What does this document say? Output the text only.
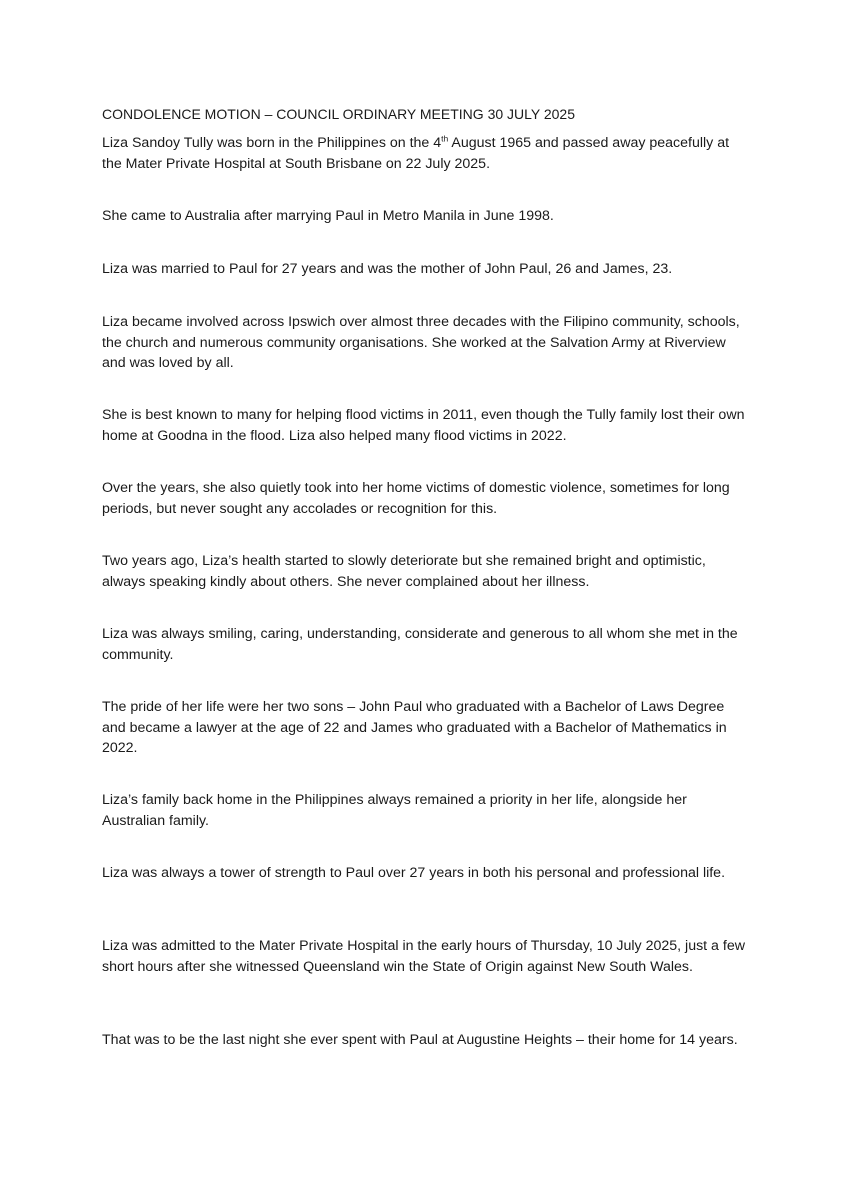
CONDOLENCE MOTION – COUNCIL ORDINARY MEETING 30 JULY 2025

Liza Sandoy Tully was born in the Philippines on the 4th August 1965 and passed away peacefully at the Mater Private Hospital at South Brisbane on 22 July 2025.

She came to Australia after marrying Paul in Metro Manila in June 1998.

Liza was married to Paul for 27 years and was the mother of John Paul, 26 and James, 23.

Liza became involved across Ipswich over almost three decades with the Filipino community, schools, the church and numerous community organisations. She worked at the Salvation Army at Riverview and was loved by all.

She is best known to many for helping flood victims in 2011, even though the Tully family lost their own home at Goodna in the flood. Liza also helped many flood victims in 2022.

Over the years, she also quietly took into her home victims of domestic violence, sometimes for long periods, but never sought any accolades or recognition for this.

Two years ago, Liza’s health started to slowly deteriorate but she remained bright and optimistic, always speaking kindly about others. She never complained about her illness.

Liza was always smiling, caring, understanding, considerate and generous to all whom she met in the community.

The pride of her life were her two sons – John Paul who graduated with a Bachelor of Laws Degree and became a lawyer at the age of 22 and James who graduated with a Bachelor of Mathematics in 2022.

Liza’s family back home in the Philippines always remained a priority in her life, alongside her Australian family.

Liza was always a tower of strength to Paul over 27 years in both his personal and professional life.

Liza was admitted to the Mater Private Hospital in the early hours of Thursday, 10 July 2025, just a few short hours after she witnessed Queensland win the State of Origin against New South Wales.

That was to be the last night she ever spent with Paul at Augustine Heights – their home for 14 years.
